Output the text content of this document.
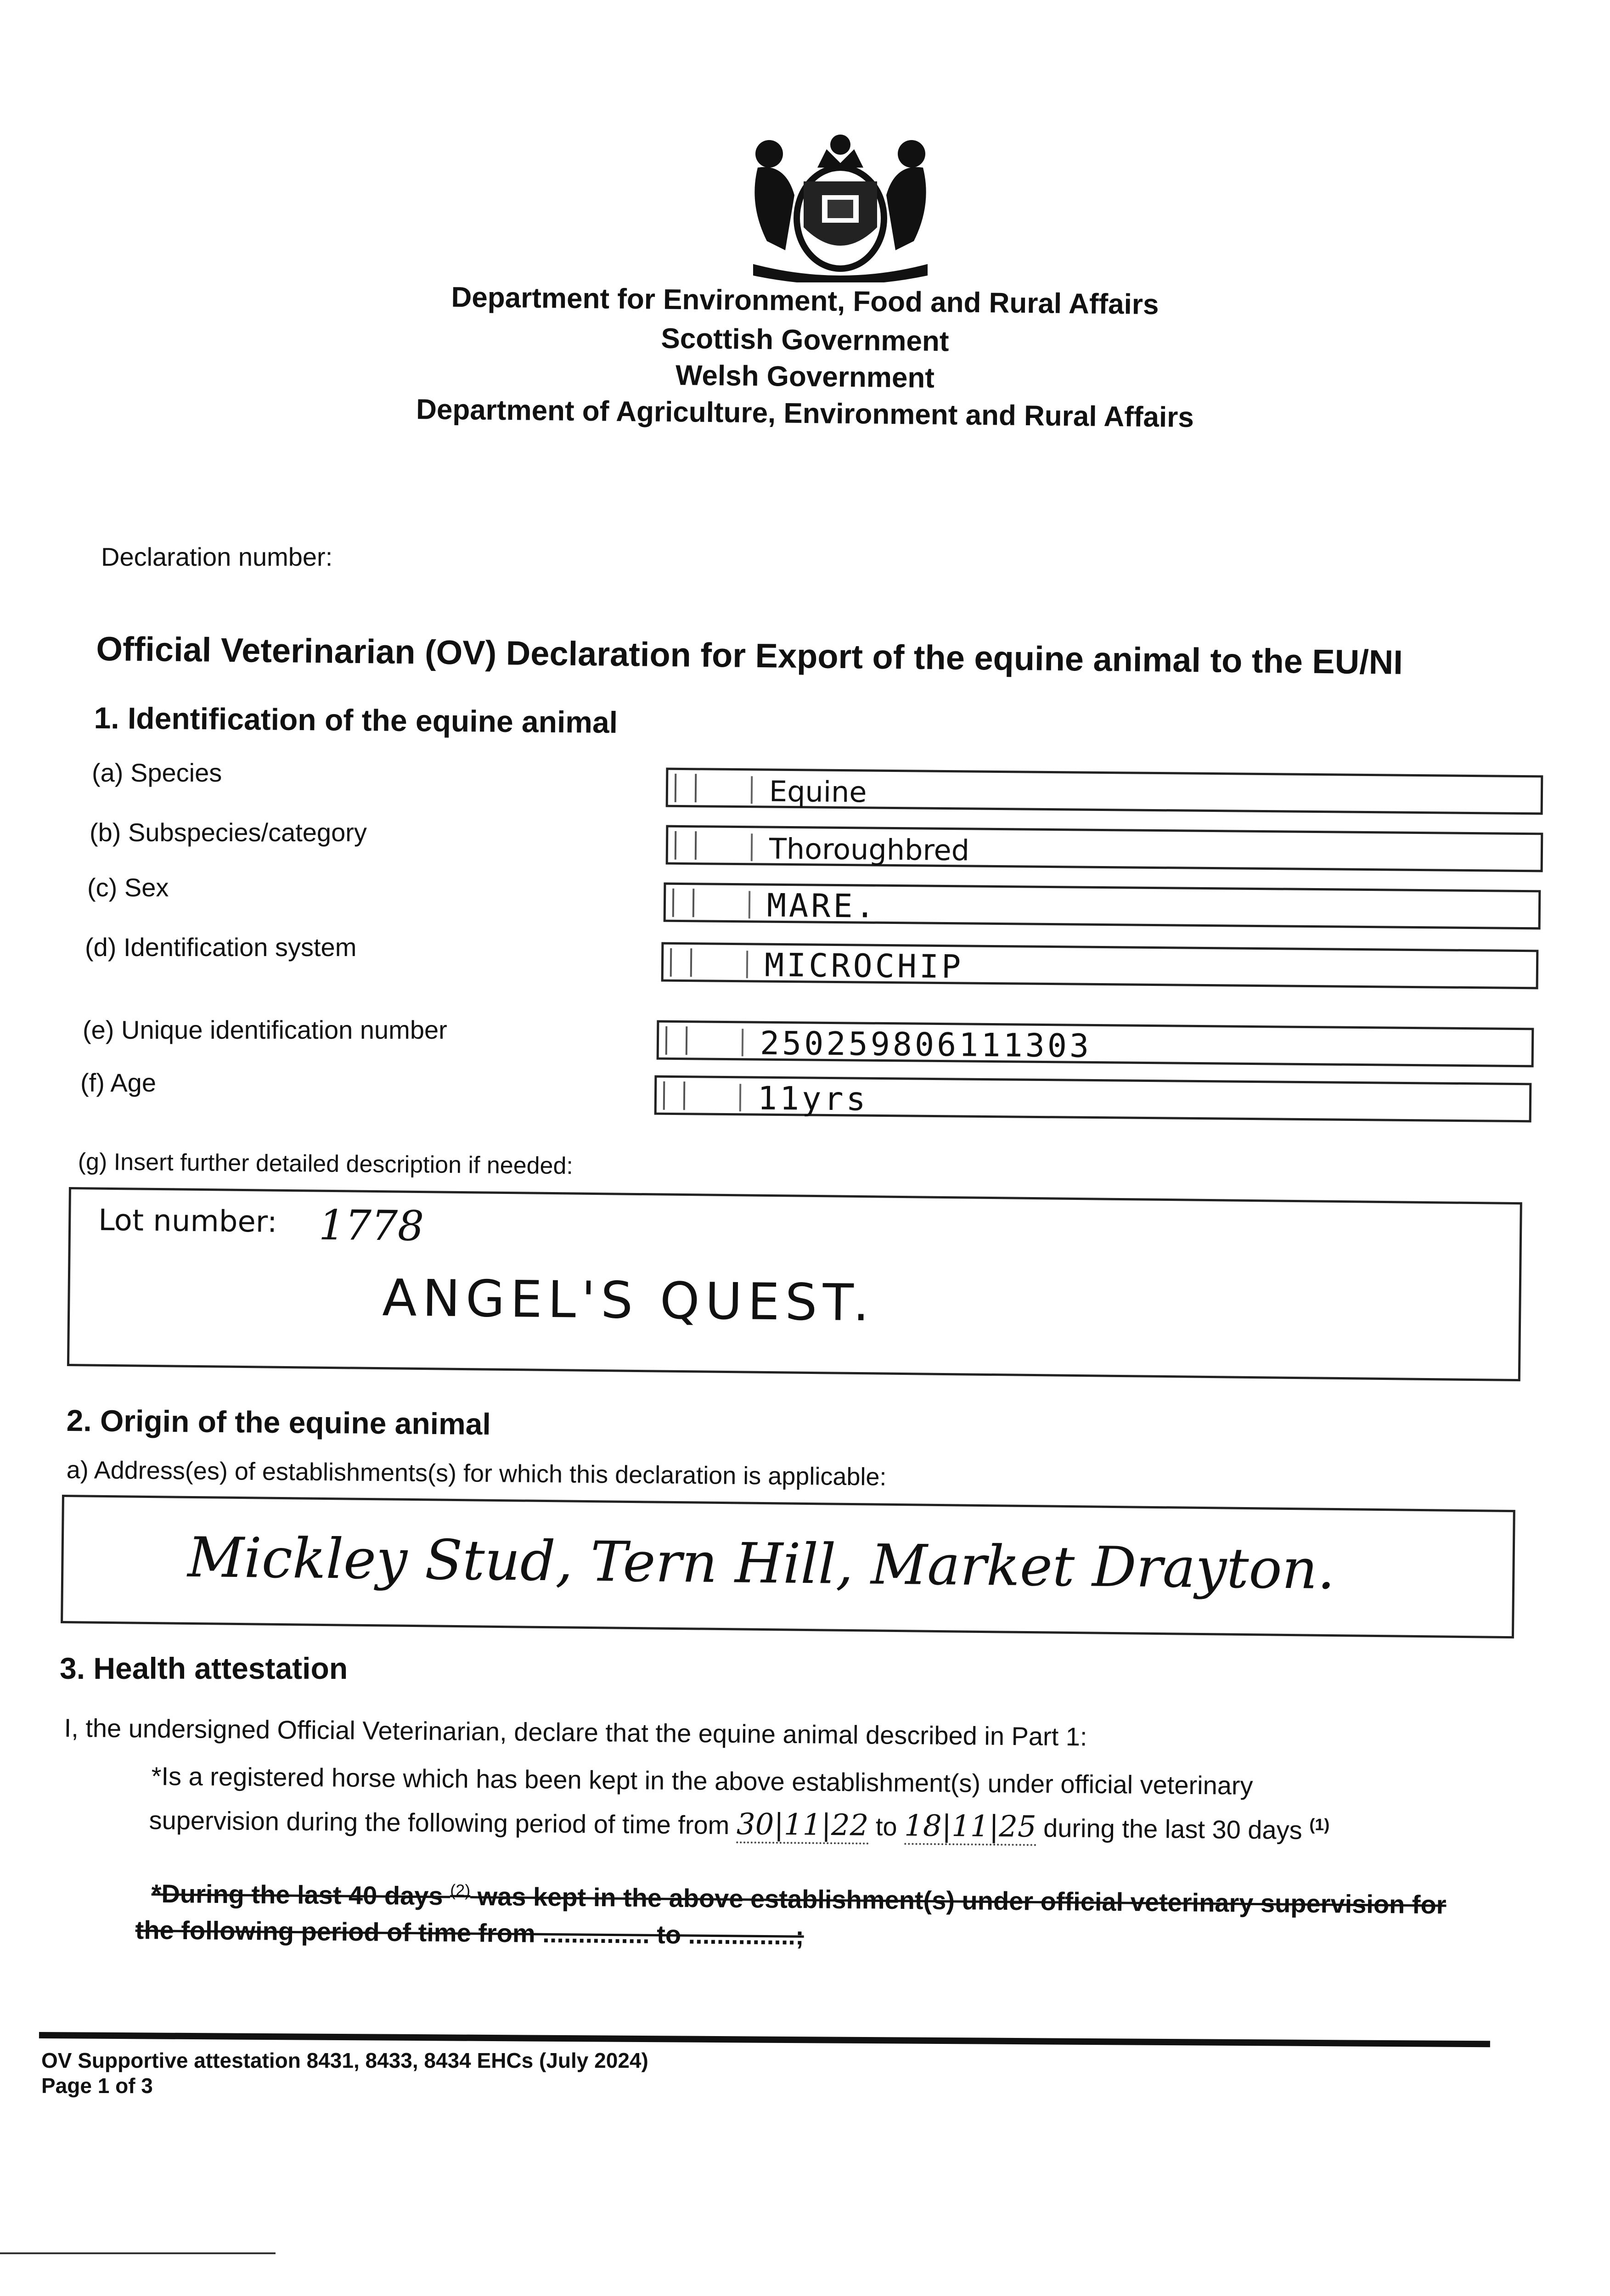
Department for Environment, Food and Rural Affairs
Scottish Government
Welsh Government
Department of Agriculture, Environment and Rural Affairs
Declaration number:
Official Veterinarian (OV) Declaration for Export of the equine animal to the EU/NI
1. Identification of the equine animal
(a) Species
(b) Subspecies/category
(c) Sex
(d) Identification system
(e) Unique identification number
(f) Age
Equine
Thoroughbred
MARE.
MICROCHIP
250259806111303
11yrs
(g) Insert further detailed description if needed:
Lot number: 1778
ANGEL'S QUEST.
2. Origin of the equine animal
a) Address(es) of establishments(s) for which this declaration is applicable:
Mickley Stud, Tern Hill, Market Drayton.
3. Health attestation
I, the undersigned Official Veterinarian, declare that the equine animal described in Part 1:
*Is a registered horse which has been kept in the above establishment(s) under official veterinary
supervision during the following period of time from 30|11|22 to 18|11|25 during the last 30 days $^{(1)}$
*During the last 40 days $^{(2)}$ was kept in the above establishment(s) under official veterinary supervision for
the following period of time from ............... to ...............;
OV Supportive attestation 8431, 8433, 8434 EHCs (July 2024)
Page 1 of 3
